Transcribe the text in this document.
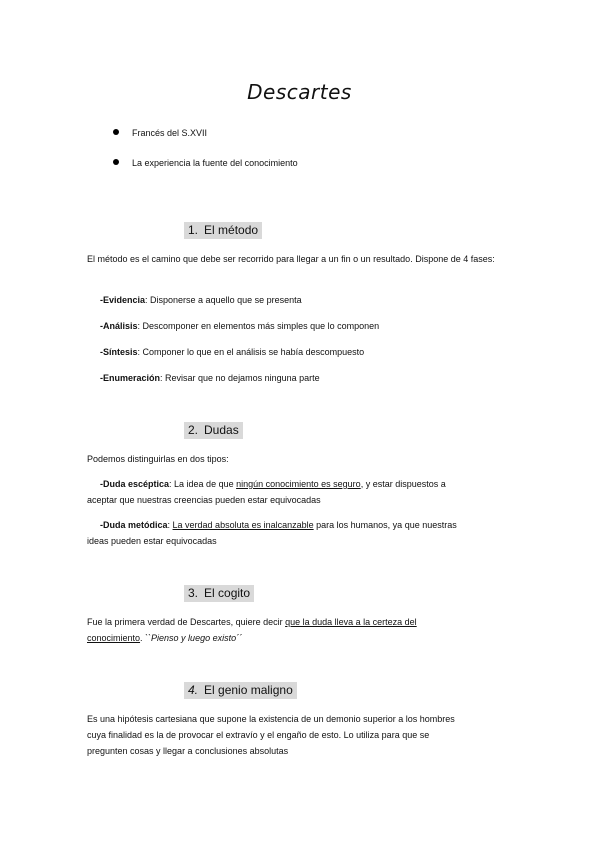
Descartes
Francés del S.XVII
La experiencia la fuente del conocimiento
1. El método
El método es el camino que debe ser recorrido para llegar a un fin o un resultado. Dispone de 4 fases:
-Evidencia: Disponerse a aquello que se presenta
-Análisis: Descomponer en elementos más simples que lo componen
-Síntesis: Componer lo que en el análisis se había descompuesto
-Enumeración: Revisar que no dejamos ninguna parte
2. Dudas
Podemos distinguirlas en dos tipos:
-Duda escéptica: La idea de que ningún conocimiento es seguro, y estar dispuestos a
aceptar que nuestras creencias pueden estar equivocadas
-Duda metódica: La verdad absoluta es inalcanzable para los humanos, ya que nuestras
ideas pueden estar equivocadas
3. El cogito
Fue la primera verdad de Descartes, quiere decir que la duda lleva a la certeza del
conocimiento. ``Pienso y luego existo´´
4. El genio maligno
Es una hipótesis cartesiana que supone la existencia de un demonio superior a los hombres
cuya finalidad es la de provocar el extravío y el engaño de esto. Lo utiliza para que se
pregunten cosas y llegar a conclusiones absolutas
